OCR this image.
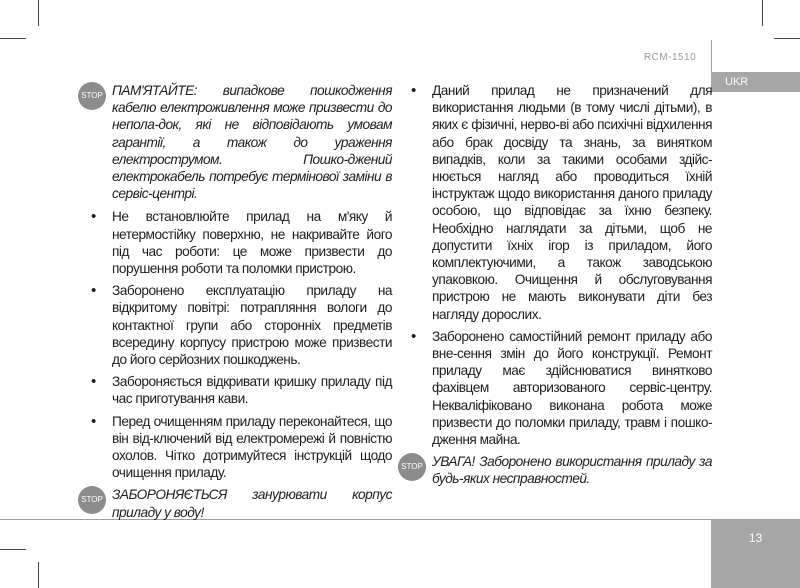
RCM-1510
UKR
13
STOP ПАМ'ЯТАЙТЕ: випадкове пошкодження кабелю електроживлення може призвести до непола-док, які не відповідають умовам гарантії, а також до ураження електрострумом. Пошко-джений електрокабель потребує термінової заміни в сервіс-центрі.
• Не встановлюйте прилад на м'яку й нетермостійку поверхню, не накривайте його під час роботи: це може призвести до порушення роботи та поломки пристрою.
• Заборонено експлуатацію приладу на відкритому повітрі: потрапляння вологи до контактної групи або сторонніх предметів всередину корпусу пристрою може призвести до його серйозних пошкоджень.
• Забороняється відкривати кришку приладу під час приготування кави.
• Перед очищенням приладу переконайтеся, що він від-ключений від електромережі й повністю охолов. Чітко дотримуйтеся інструкцій щодо очищення приладу.
STOP ЗАБОРОНЯЄТЬСЯ занурювати корпус приладу у воду!
• Даний прилад не призначений для використання людьми (в тому числі дітьми), в яких є фізичні, нерво-ві або психічні відхилення або брак досвіду та знань, за винятком випадків, коли за такими особами здійс-нюється нагляд або проводиться їхній інструктаж щодо використання даного приладу особою, що відповідає за їхню безпеку. Необхідно наглядати за дітьми, щоб не допустити їхніх ігор із приладом, його комплектуючими, а також заводською упаковкою. Очищення й обслуговування пристрою не мають виконувати діти без нагляду дорослих.
• Заборонено самостійний ремонт приладу або вне-сення змін до його конструкції. Ремонт приладу має здійснюватися винятково фахівцем авторизованого сервіс-центру. Некваліфіковано виконана робота може призвести до поломки приладу, травм і пошко-дження майна.
STOP УВАГА! Заборонено використання приладу за будь-яких несправностей.
